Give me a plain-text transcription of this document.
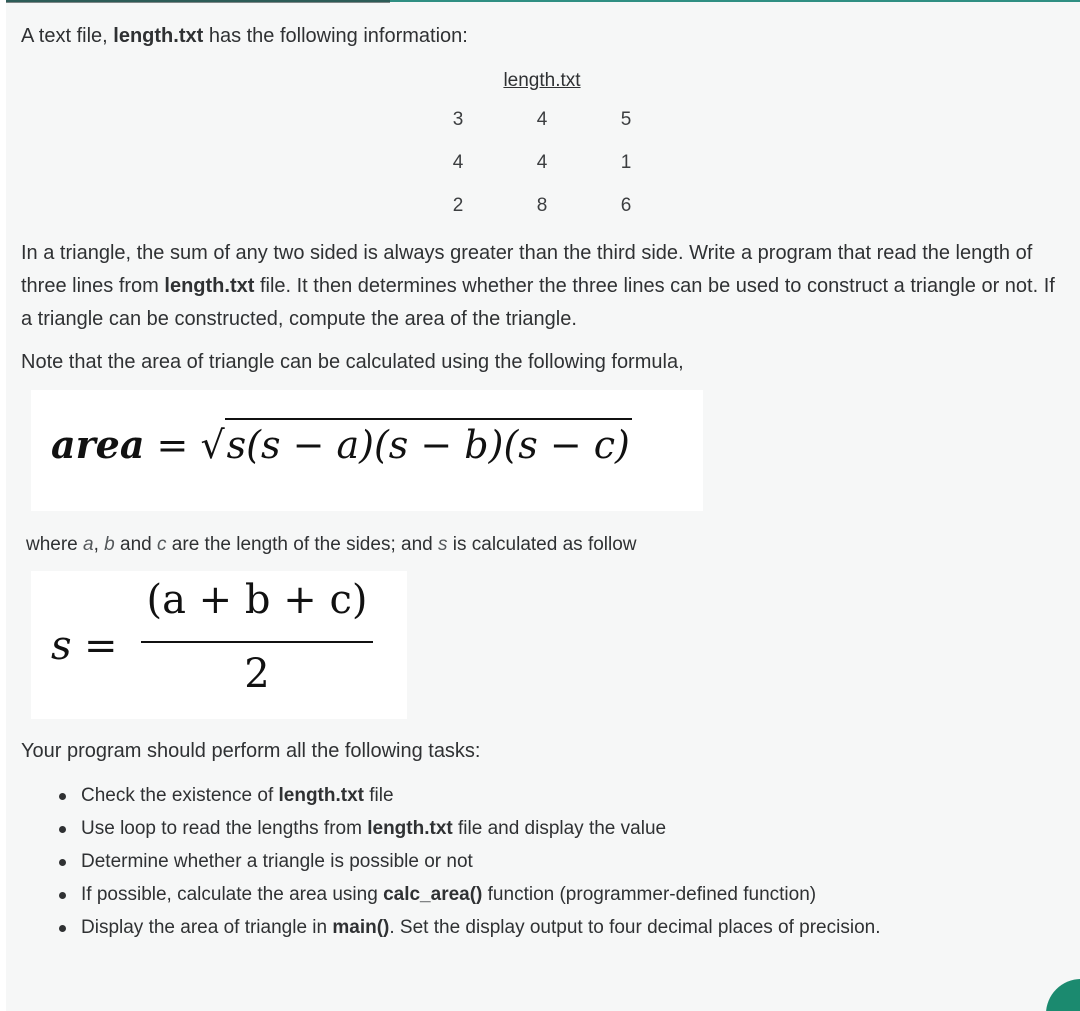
A text file, length.txt has the following information:

	length.txt	
3	4	5
4	4	1
2	8	6

In a triangle, the sum of any two sided is always greater than the third side. Write a program that read the length of three lines from length.txt file. It then determines whether the three lines can be used to construct a triangle or not. If a triangle can be constructed, compute the area of the triangle.

Note that the area of triangle can be calculated using the following formula,

area = √s(s − a)(s − b)(s − c)

where a, b and c are the length of the sides; and s is calculated as follow

s =
(a + b + c)
2

Your program should perform all the following tasks:

Check the existence of length.txt file
Use loop to read the lengths from length.txt file and display the value
Determine whether a triangle is possible or not
If possible, calculate the area using calc_area() function (programmer-defined function)
Display the area of triangle in main(). Set the display output to four decimal places of precision.
